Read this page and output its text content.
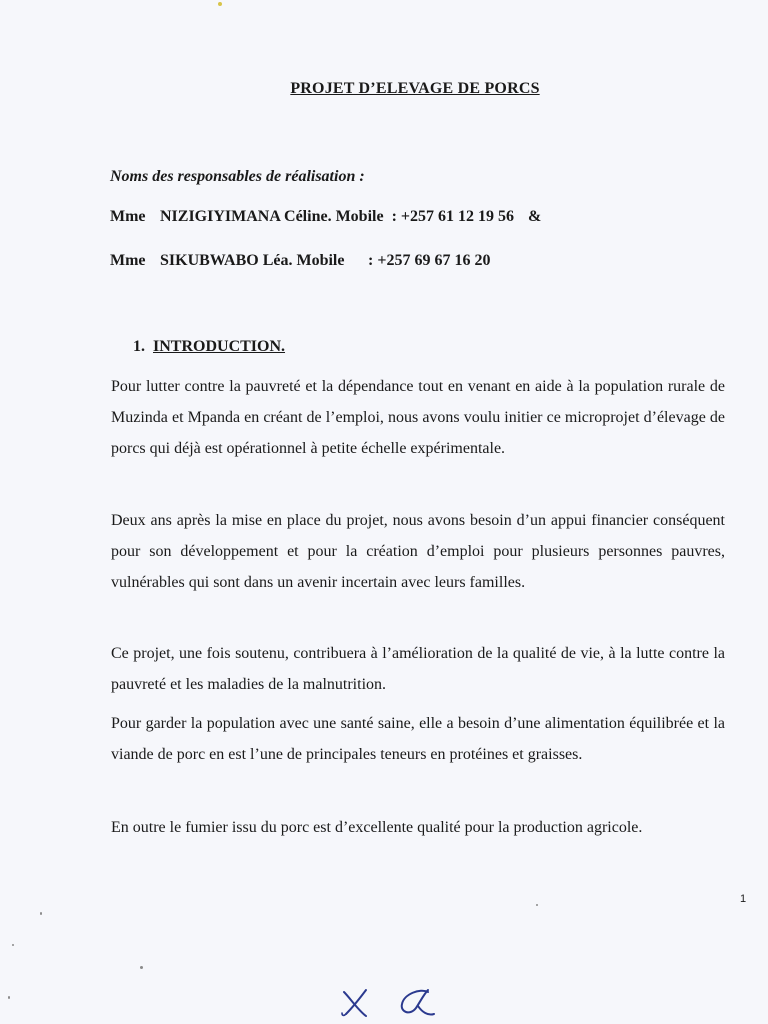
PROJET D’ELEVAGE DE PORCS
Noms des responsables de réalisation :
Mme NIZIGIYIMANA Céline. Mobile : +257 61 12 19 56 &
Mme SIKUBWABO Léa. Mobile : +257 69 67 16 20
1. INTRODUCTION.

Pour lutter contre la pauvreté et la dépendance tout en venant en aide à la population rurale de Muzinda et Mpanda en créant de l’emploi, nous avons voulu initier ce microprojet d’élevage de porcs qui déjà est opérationnel à petite échelle expérimentale.

Deux ans après la mise en place du projet, nous avons besoin d’un appui financier conséquent pour son développement et pour la création d’emploi pour plusieurs personnes pauvres, vulnérables qui sont dans un avenir incertain avec leurs familles.

Ce projet, une fois soutenu, contribuera à l’amélioration de la qualité de vie, à la lutte contre la pauvreté et les maladies de la malnutrition.

Pour garder la population avec une santé saine, elle a besoin d’une alimentation équilibrée et la viande de porc en est l’une de principales teneurs en protéines et graisses.

En outre le fumier issu du porc est d’excellente qualité pour la production agricole.

1
